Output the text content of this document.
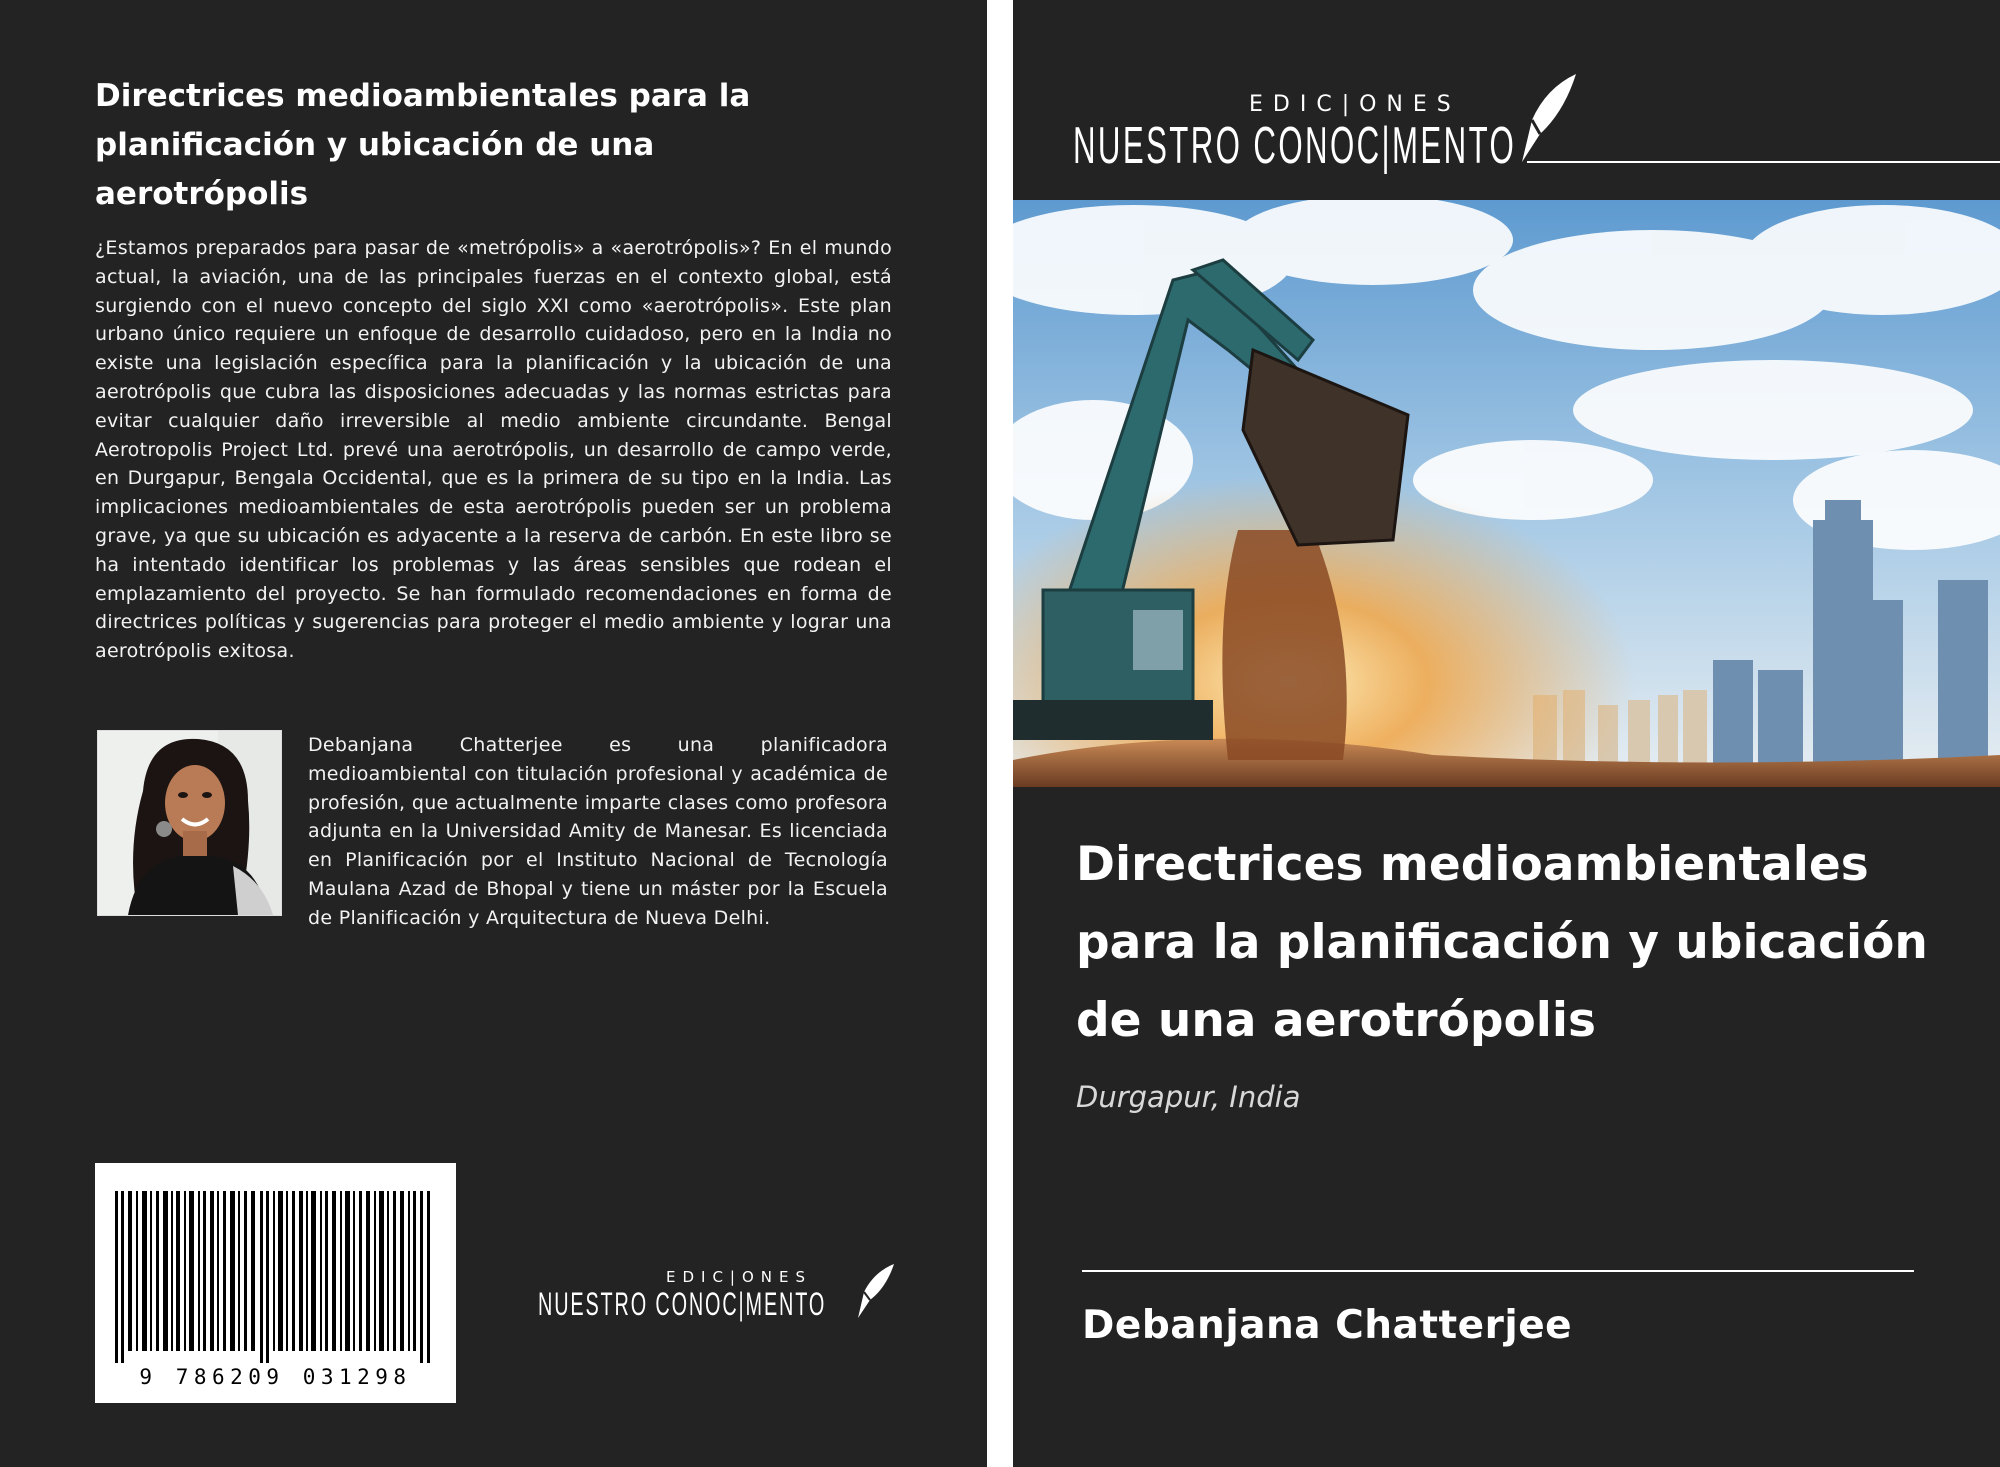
Directrices medioambientales para la planificación y ubicación de una aerotrópolis
¿Estamos preparados para pasar de «metrópolis» a «aerotrópolis»? En el mundo actual, la aviación, una de las principales fuerzas en el contexto global, está surgiendo con el nuevo concepto del siglo XXI como «aerotrópolis». Este plan urbano único requiere un enfoque de desarrollo cuidadoso, pero en la India no existe una legislación específica para la planificación y la ubicación de una aerotrópolis que cubra las disposiciones adecuadas y las normas estrictas para evitar cualquier daño irreversible al medio ambiente circundante. Bengal Aerotropolis Project Ltd. prevé una aerotrópolis, un desarrollo de campo verde, en Durgapur, Bengala Occidental, que es la primera de su tipo en la India. Las implicaciones medioambientales de esta aerotrópolis pueden ser un problema grave, ya que su ubicación es adyacente a la reserva de carbón. En este libro se ha intentado identificar los problemas y las áreas sensibles que rodean el emplazamiento del proyecto. Se han formulado recomendaciones en forma de directrices políticas y sugerencias para proteger el medio ambiente y lograr una aerotrópolis exitosa.
Debanjana Chatterjee es una planificadora medioambiental con titulación profesional y académica de profesión, que actualmente imparte clases como profesora adjunta en la Universidad Amity de Manesar. Es licenciada en Planificación por el Instituto Nacional de Tecnología Maulana Azad de Bhopal y tiene un máster por la Escuela de Planificación y Arquitectura de Nueva Delhi.
9 786209 031298
EDIC|ONES
NUESTRO CONOC|MENTO
EDIC|ONES
NUESTRO CONOC|MENTO
Directrices medioambientales para la planificación y ubicación de una aerotrópolis
Durgapur, India
Debanjana Chatterjee
